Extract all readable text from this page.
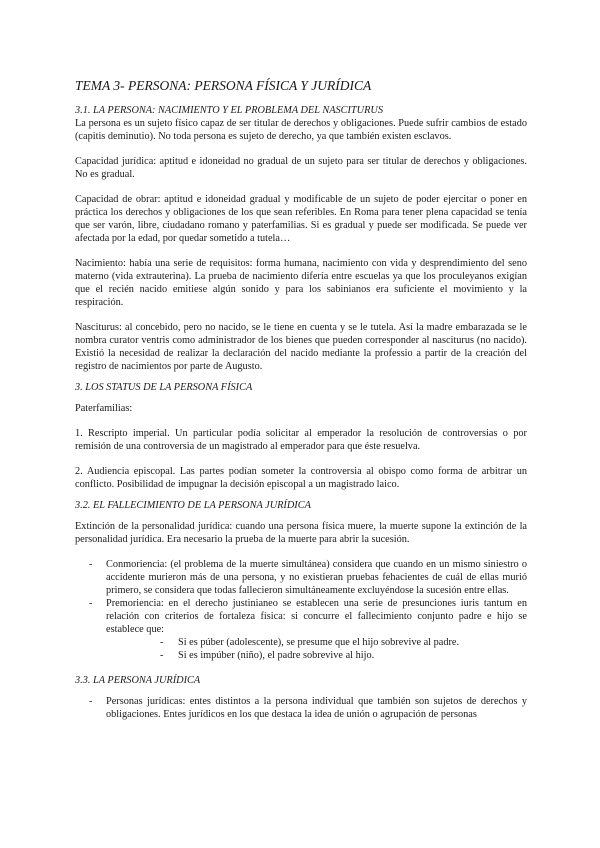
TEMA 3- PERSONA: PERSONA FÍSICA Y JURÍDICA
3.1. LA PERSONA: NACIMIENTO Y EL PROBLEMA DEL NASCITURUS

La persona es un sujeto físico capaz de ser titular de derechos y obligaciones. Puede sufrir cambios de estado (capitis deminutio). No toda persona es sujeto de derecho, ya que también existen esclavos.

Capacidad jurídica: aptitud e idoneidad no gradual de un sujeto para ser titular de derechos y obligaciones. No es gradual.

Capacidad de obrar: aptitud e idoneidad gradual y modificable de un sujeto de poder ejercitar o poner en práctica los derechos y obligaciones de los que sean referibles. En Roma para tener plena capacidad se tenía que ser varón, libre, ciudadano romano y paterfamilias. Si es gradual y puede ser modificada. Se puede ver afectada por la edad, por quedar sometido a tutela…

Nacimiento: había una serie de requisitos: forma humana, nacimiento con vida y desprendimiento del seno materno (vida extrauterina). La prueba de nacimiento difería entre escuelas ya que los proculeyanos exigían que el recién nacido emitiese algún sonido y para los sabinianos era suficiente el movimiento y la respiración.

Nasciturus: al concebido, pero no nacido, se le tiene en cuenta y se le tutela. Así la madre embarazada se le nombra curator ventris como administrador de los bienes que pueden corresponder al nasciturus (no nacido). Existió la necesidad de realizar la declaración del nacido mediante la professio a partir de la creación del registro de nacimientos por parte de Augusto.

3. LOS STATUS DE LA PERSONA FÍSICA

Paterfamilias:

1. Rescripto imperial. Un particular podía solicitar al emperador la resolución de controversias o por remisión de una controversia de un magistrado al emperador para que éste resuelva.

2. Audiencia episcopal. Las partes podían someter la controversia al obispo como forma de arbitrar un conflicto. Posibilidad de impugnar la decisión episcopal a un magistrado laico.

3.2. EL FALLECIMIENTO DE LA PERSONA JURÍDICA

Extinción de la personalidad jurídica: cuando una persona física muere, la muerte supone la extinción de la personalidad jurídica. Era necesario la prueba de la muerte para abrir la sucesión.

- Conmoriencia: (el problema de la muerte simultánea) considera que cuando en un mismo siniestro o accidente murieron más de una persona, y no existieran pruebas fehacientes de cuál de ellas murió primero, se considera que todas fallecieron simultáneamente excluyéndose la sucesión entre ellas.
- Premoriencia: en el derecho justinianeo se establecen una serie de presunciones iuris tantum en relación con criterios de fortaleza física: si concurre el fallecimiento conjunto padre e hijo se establece que:
- Si es púber (adolescente), se presume que el hijo sobrevive al padre.
- Si es impúber (niño), el padre sobrevive al hijo.
3.3. LA PERSONA JURÍDICA
- Personas jurídicas: entes distintos a la persona individual que también son sujetos de derechos y obligaciones. Entes jurídicos en los que destaca la idea de unión o agrupación de personas
